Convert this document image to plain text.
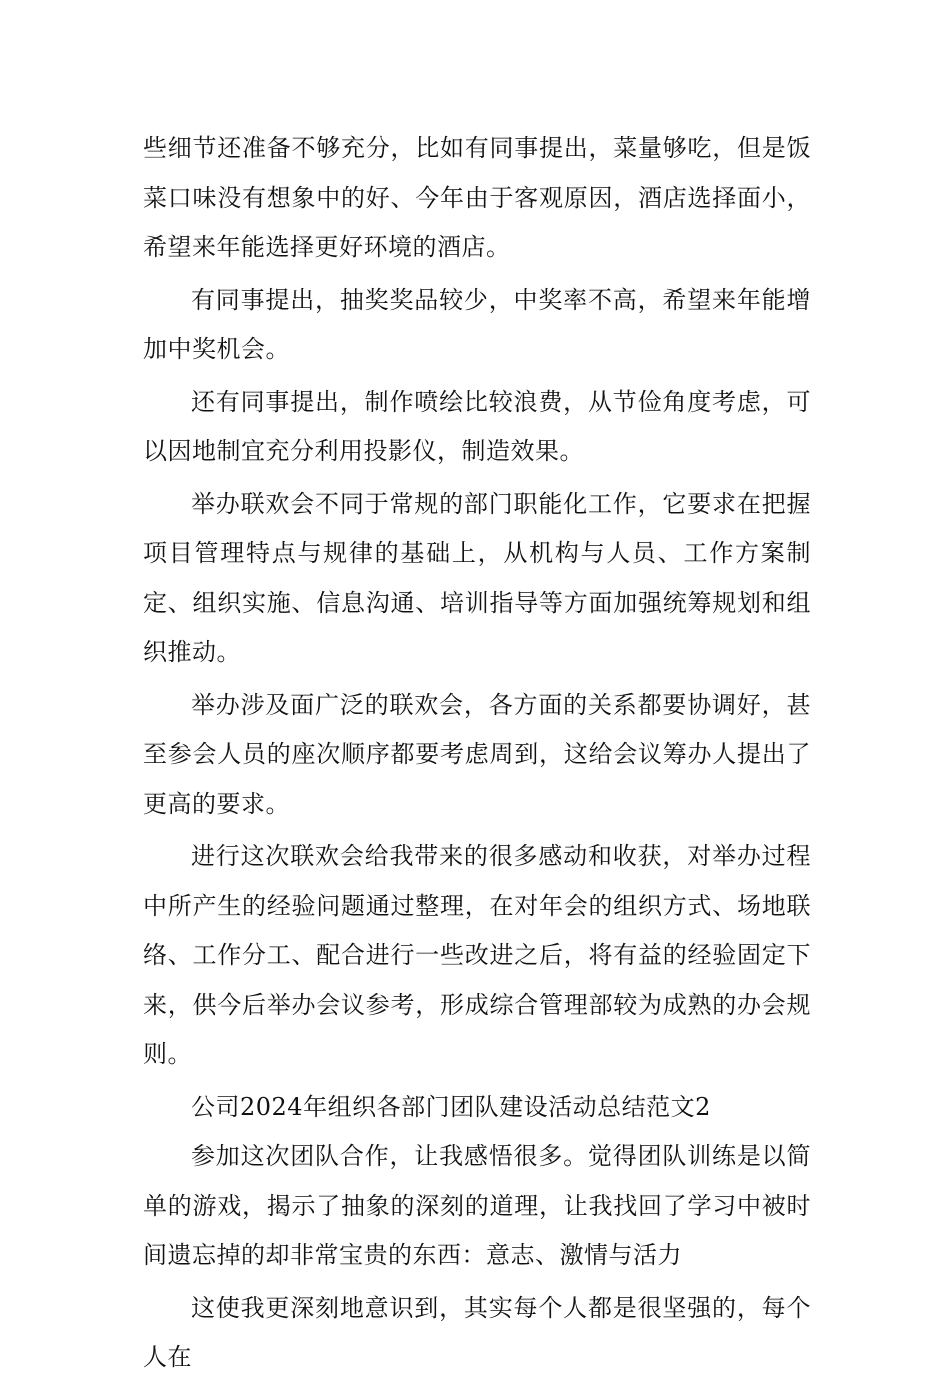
些细节还准备不够充分，比如有同事提出，菜量够吃，但是饭菜口味没有想象中的好、今年由于客观原因，酒店选择面小，希望来年能选择更好环境的酒店。

有同事提出，抽奖奖品较少，中奖率不高，希望来年能增加中奖机会。

还有同事提出，制作喷绘比较浪费，从节俭角度考虑，可以因地制宜充分利用投影仪，制造效果。

举办联欢会不同于常规的部门职能化工作，它要求在把握项目管理特点与规律的基础上，从机构与人员、工作方案制定、组织实施、信息沟通、培训指导等方面加强统筹规划和组织推动。

举办涉及面广泛的联欢会，各方面的关系都要协调好，甚至参会人员的座次顺序都要考虑周到，这给会议筹办人提出了更高的要求。

进行这次联欢会给我带来的很多感动和收获，对举办过程中所产生的经验问题通过整理，在对年会的组织方式、场地联络、工作分工、配合进行一些改进之后，将有益的经验固定下来，供今后举办会议参考，形成综合管理部较为成熟的办会规则。

公司2024年组织各部门团队建设活动总结范文2

参加这次团队合作，让我感悟很多。觉得团队训练是以简单的游戏，揭示了抽象的深刻的道理，让我找回了学习中被时间遗忘掉的却非常宝贵的东西：意志、激情与活力

这使我更深刻地意识到，其实每个人都是很坚强的，每个人在
